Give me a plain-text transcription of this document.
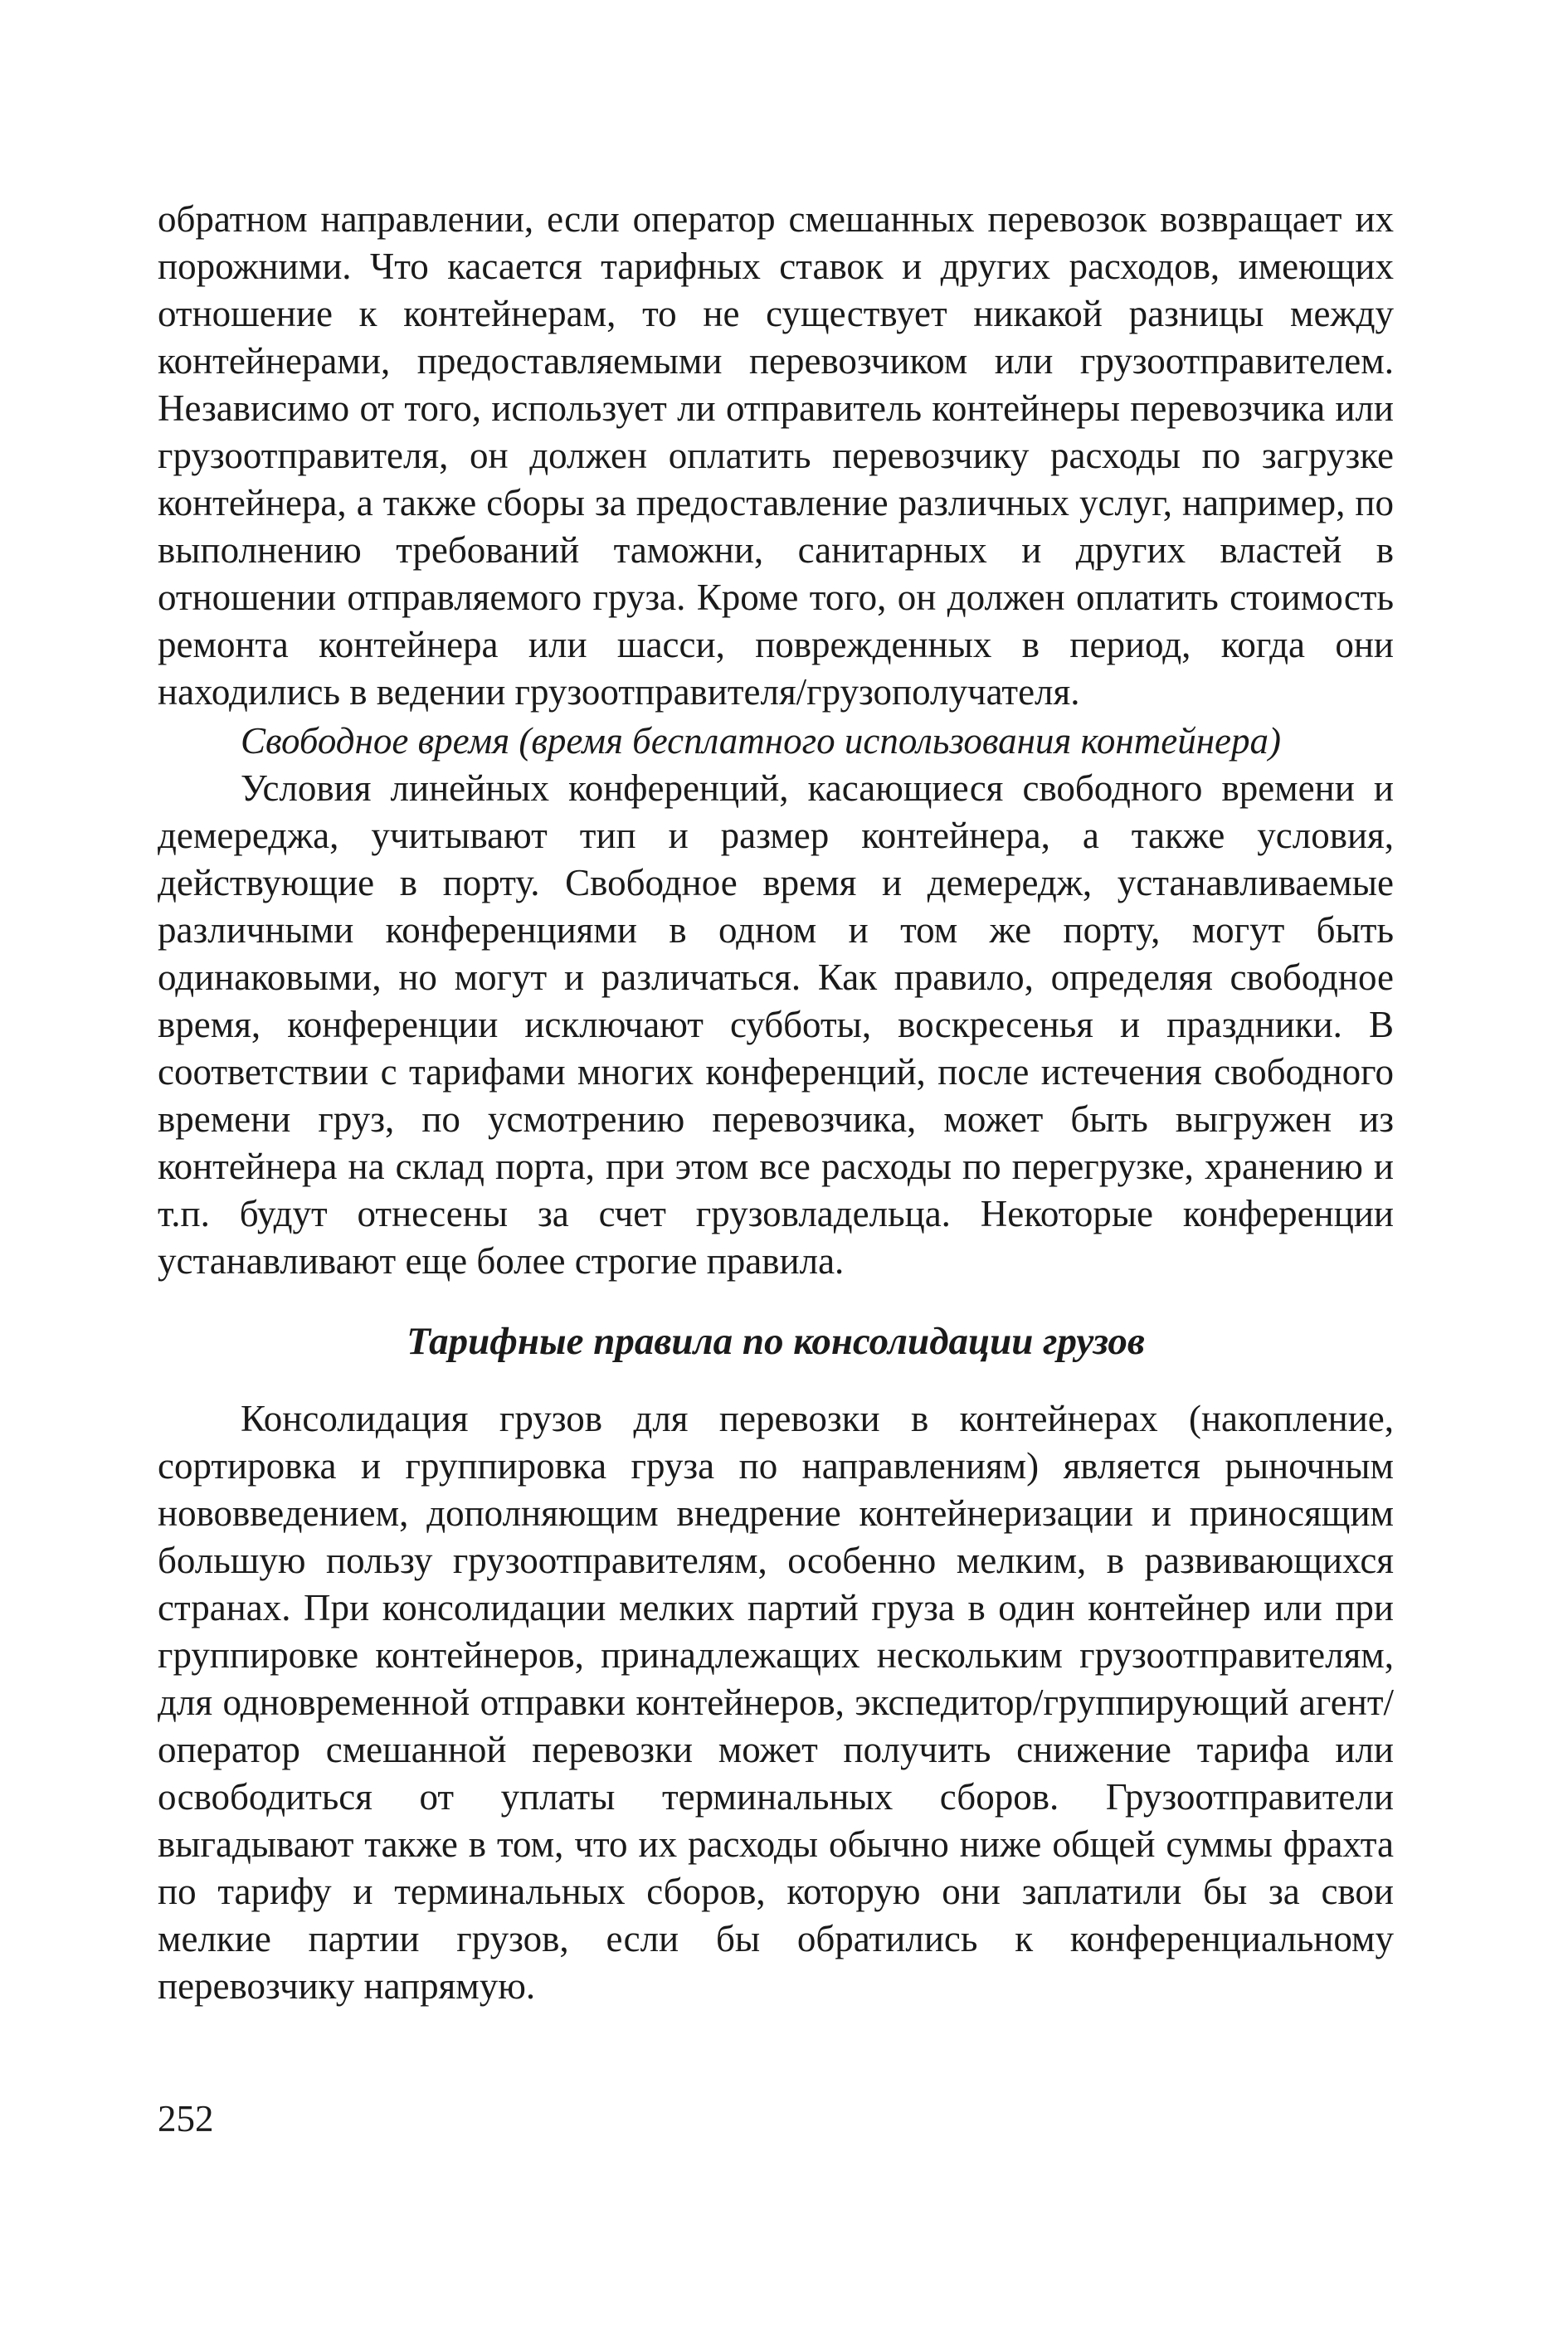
обратном направлении, если оператор смешанных перевозок возвращает их порожними. Что касается тарифных ставок и других расходов, имеющих отношение к контейнерам, то не существует никакой разницы между контейнерами, предоставляемыми перевозчиком или грузоотправителем. Независимо от того, использует ли отправитель контейнеры перевозчика или грузоотправителя, он должен оплатить перевозчику расходы по загрузке контейнера, а также сборы за предоставление различных услуг, например, по выполнению требований таможни, санитарных и других властей в отношении отправляемого груза. Кроме того, он должен оплатить стоимость ремонта контейнера или шасси, поврежденных в период, когда они находились в ведении грузоотправителя/грузополучателя.

Свободное время (время бесплатного использования контейнера)

Условия линейных конференций, касающиеся свободного времени и демереджа, учитывают тип и размер контейнера, а также условия, действующие в порту. Свободное время и демередж, устанавливаемые различными конференциями в одном и том же порту, могут быть одинаковыми, но могут и различаться. Как правило, определяя свободное время, конференции исключают субботы, воскресенья и праздники. В соответствии с тарифами многих конференций, после истечения свободного времени груз, по усмотрению перевозчика, может быть выгружен из контейнера на склад порта, при этом все расходы по перегрузке, хранению и т.п. будут отнесены за счет грузовладельца. Некоторые конференции устанавливают еще более строгие правила.

Тарифные правила по консолидации грузов

Консолидация грузов для перевозки в контейнерах (накопление, сортировка и группировка груза по направлениям) является рыночным нововведением, дополняющим внедрение контейнеризации и приносящим большую пользу грузоотправителям, особенно мелким, в развивающихся странах. При консолидации мелких партий груза в один контейнер или при группировке контейнеров, принадлежащих нескольким грузоотправителям, для одновременной отправки контейнеров, экспедитор/группирующий агент/оператор смешанной перевозки может получить снижение тарифа или освободиться от уплаты терминальных сборов. Грузоотправители выгадывают также в том, что их расходы обычно ниже общей суммы фрахта по тарифу и терминальных сборов, которую они заплатили бы за свои мелкие партии грузов, если бы обратились к конференциальному перевозчику напрямую.

252
